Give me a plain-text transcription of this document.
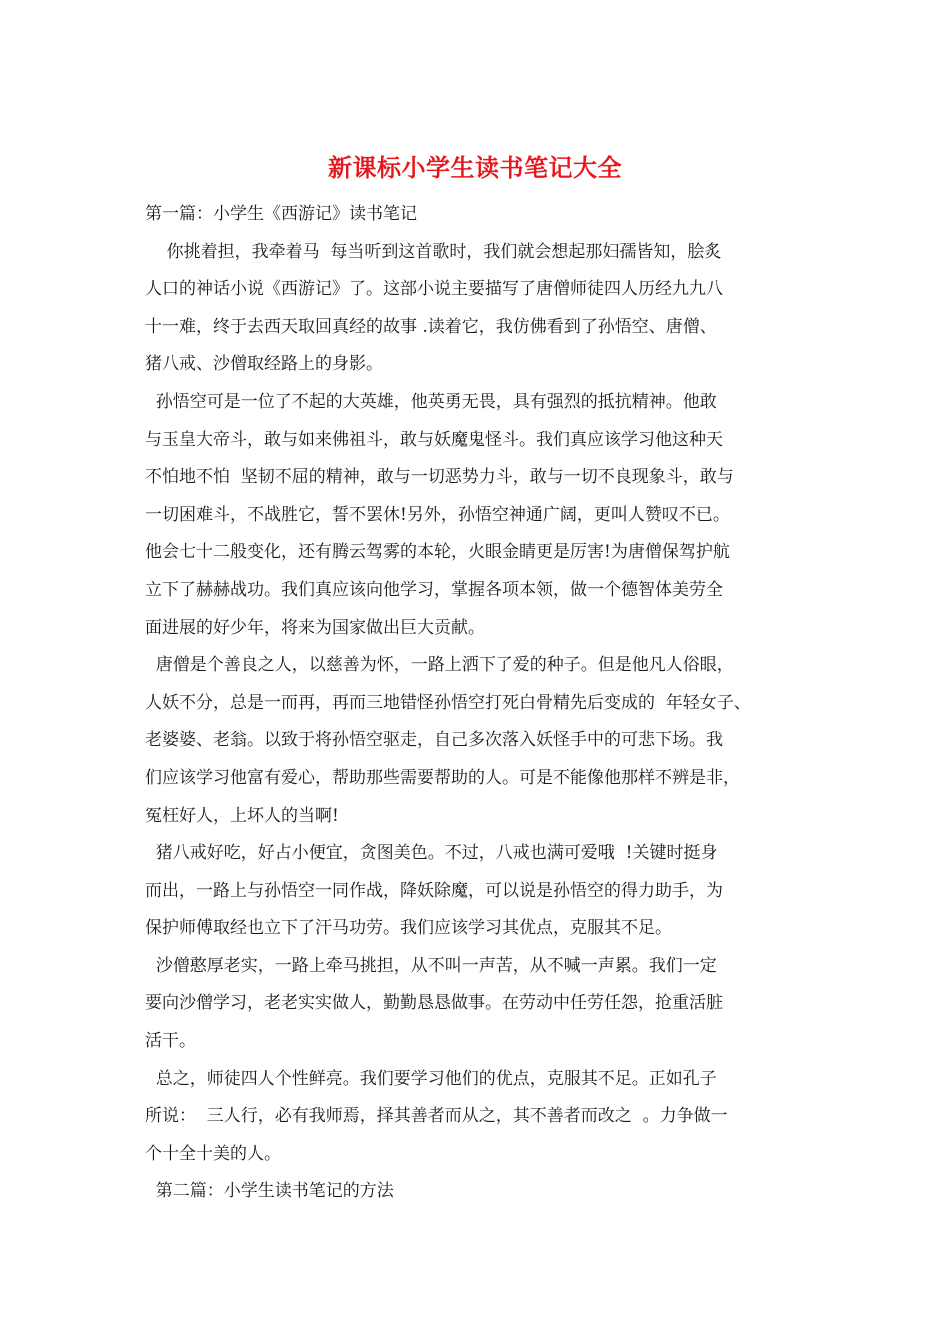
新课标小学生读书笔记大全
第一篇：小学生《西游记》读书笔记
你挑着担，我牵着马  每当听到这首歌时，我们就会想起那妇孺皆知，脍炙
人口的神话小说《西游记》了。这部小说主要描写了唐僧师徒四人历经九九八
十一难，终于去西天取回真经的故事 .读着它，我仿佛看到了孙悟空、唐僧、
猪八戒、沙僧取经路上的身影。
孙悟空可是一位了不起的大英雄，他英勇无畏，具有强烈的抵抗精神。他敢
与玉皇大帝斗，敢与如来佛祖斗，敢与妖魔鬼怪斗。我们真应该学习他这种天
不怕地不怕  坚韧不屈的精神，敢与一切恶势力斗，敢与一切不良现象斗，敢与
一切困难斗，不战胜它，誓不罢休!另外，孙悟空神通广阔，更叫人赞叹不已。
他会七十二般变化，还有腾云驾雾的本轮，火眼金睛更是厉害!为唐僧保驾护航
立下了赫赫战功。我们真应该向他学习，掌握各项本领，做一个德智体美劳全
面进展的好少年，将来为国家做出巨大贡献。
唐僧是个善良之人，以慈善为怀，一路上洒下了爱的种子。但是他凡人俗眼，
人妖不分，总是一而再，再而三地错怪孙悟空打死白骨精先后变成的  年轻女子、
老婆婆、老翁。以致于将孙悟空驱走，自己多次落入妖怪手中的可悲下场。我
们应该学习他富有爱心，帮助那些需要帮助的人。可是不能像他那样不辨是非，
冤枉好人，上坏人的当啊!
猪八戒好吃，好占小便宜，贪图美色。不过，八戒也满可爱哦  !关键时挺身
而出，一路上与孙悟空一同作战，降妖除魔，可以说是孙悟空的得力助手，为
保护师傅取经也立下了汗马功劳。我们应该学习其优点，克服其不足。
沙僧憨厚老实，一路上牵马挑担，从不叫一声苦，从不喊一声累。我们一定
要向沙僧学习，老老实实做人，勤勤恳恳做事。在劳动中任劳任怨，抢重活脏
活干。
总之，师徒四人个性鲜亮。我们要学习他们的优点，克服其不足。正如孔子
所说：  三人行，必有我师焉，择其善者而从之，其不善者而改之  。力争做一
个十全十美的人。
第二篇：小学生读书笔记的方法
